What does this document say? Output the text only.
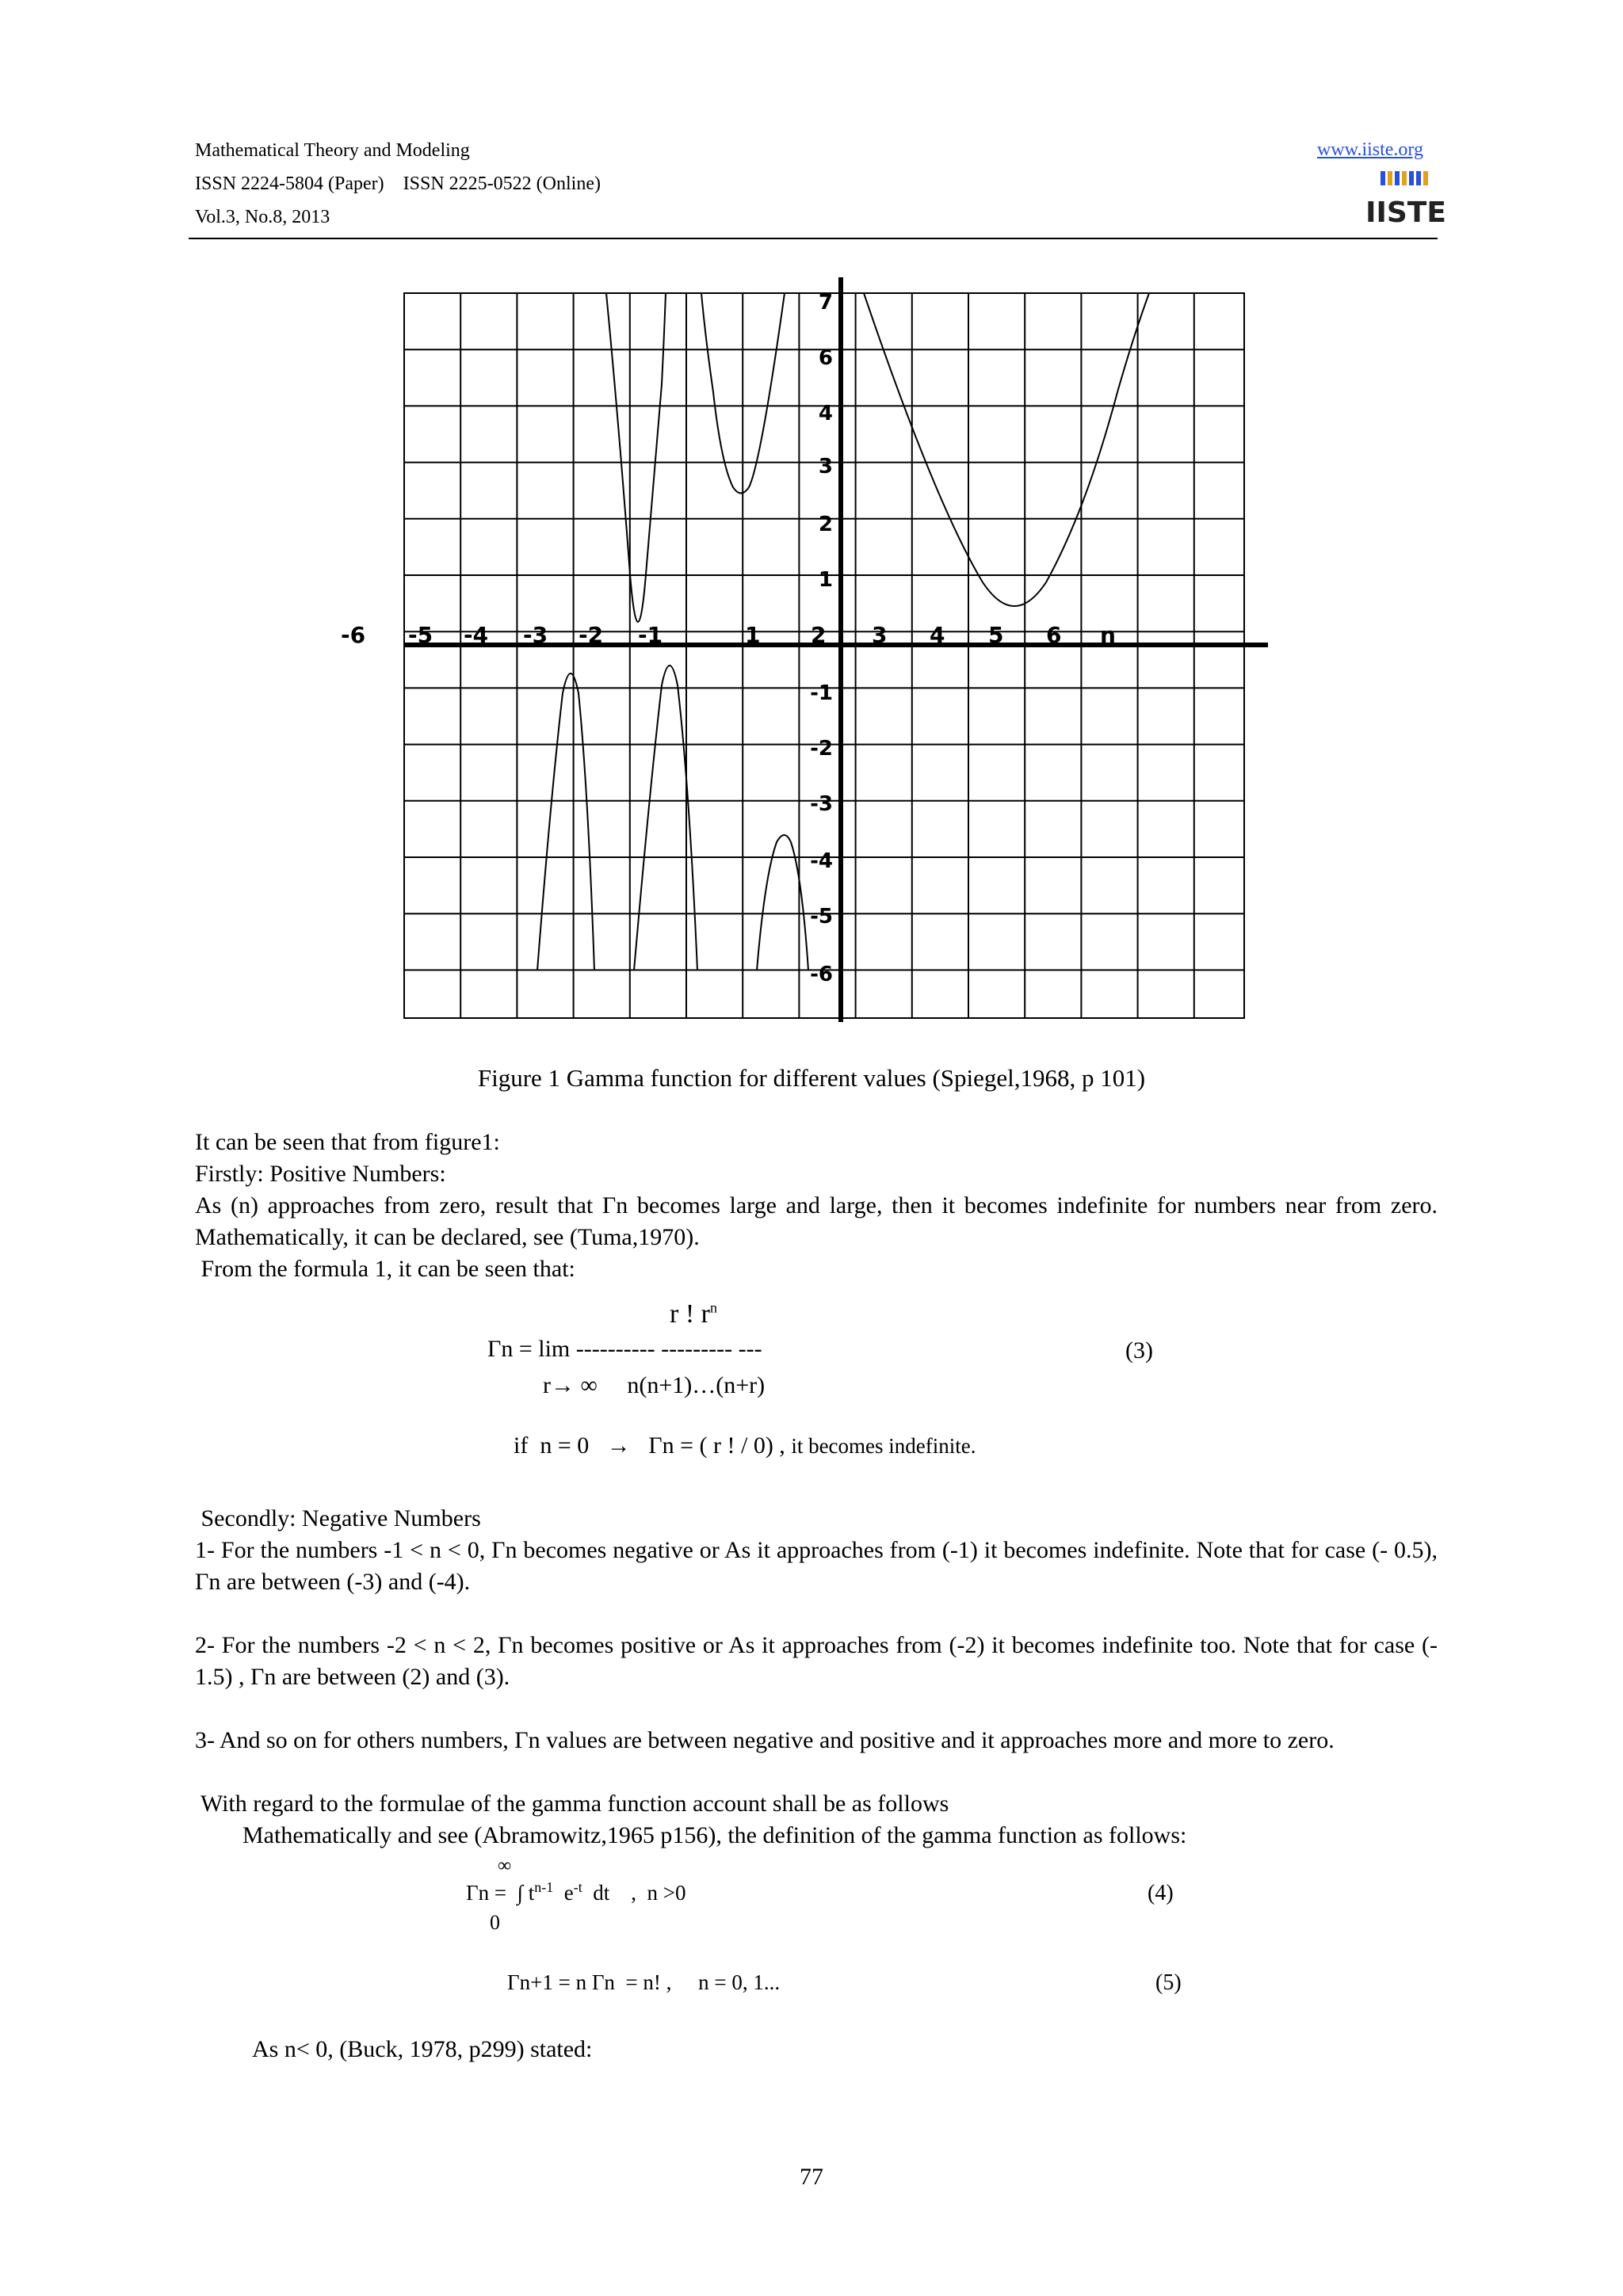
Mathematical Theory and Modeling
ISSN 2224-5804 (Paper)    ISSN 2225-0522 (Online)
Vol.3, No.8, 2013
www.iiste.org
IISTE
-6 -5 -4 -3 -2 -1	1 2 3 4 5 6 n
7
6
4
3
2
1
-1
-2
-3
-4
-5
-6
Figure 1 Gamma function for different values (Spiegel,1968, p 101)
It can be seen that from figure1:
Firstly: Positive Numbers:
As (n) approaches from zero, result that Γn becomes large and large, then it becomes indefinite for numbers near from zero. Mathematically, it can be declared, see (Tuma,1970).
From the formula 1, it can be seen that:
r ! $r^n$
Γn = lim ---------- --------- ---
r→ ∞     n(n+1)…(n+r)
(3)
if  n = 0   →   Γn = ( r ! / 0) , it becomes indefinite.
Secondly: Negative Numbers
1- For the numbers -1 < n < 0, Γn becomes negative or As it approaches from (-1) it becomes indefinite. Note that for case (- 0.5), Γn are between (-3) and (-4).
2- For the numbers -2 < n < 2, Γn becomes positive or As it approaches from (-2) it becomes indefinite too. Note that for case (- 1.5) , Γn are between (2) and (3).
3- And so on for others numbers, Γn values are between negative and positive and it approaches more and more to zero.
With regard to the formulae of the gamma function account shall be as follows
Mathematically and see (Abramowitz,1965 p156), the definition of the gamma function as follows:
∞
Γn =  ∫ $t^{n-1}$  $e^{-t}$  dt    ,  n >0
0
(4)
Γn+1 = n Γn  = n! ,     n = 0, 1...	(5)
As n< 0, (Buck, 1978, p299) stated:
77
